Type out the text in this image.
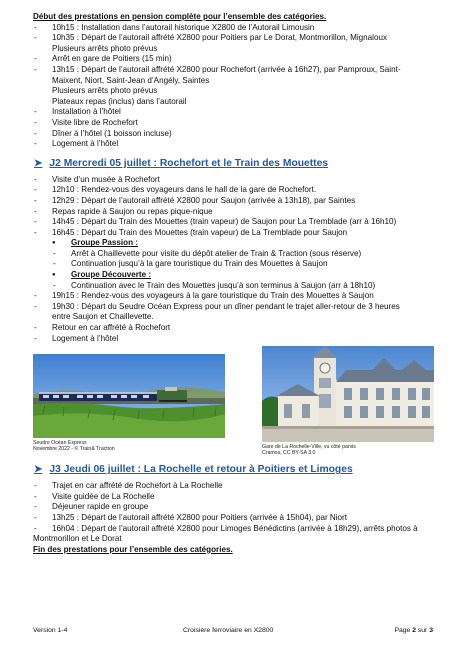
Début des prestations en pension complète pour l’ensemble des catégories.
- 10h15 : Installation dans l’autorail historique X2800 de l’Autorail Limousin
- 10h35 : Départ de l’autorail affrété X2800 pour Poitiers par Le Dorat, Montmorillon, Mignaloux
Plusieurs arrêts photo prévus
- Arrêt en gare de Poitiers (15 min)
- 13h15 : Départ de l’autorail affrété X2800 pour Rochefort (arrivée à 16h27), par Pamproux, Saint-
Maixent, Niort, Saint-Jean d’Angély, Saintes
Plusieurs arrêts photo prévus
Plateaux repas (inclus) dans l’autorail
- Installation à l’hôtel
- Visite libre de Rochefort
- Dîner à l’hôtel (1 boisson incluse)
- Logement à l’hôtel
➤ J2 Mercredi 05 juillet : Rochefort et le Train des Mouettes
- Visite d’un musée à Rochefort
- 12h10 : Rendez-vous des voyageurs dans le hall de la gare de Rochefort.
- 12h29 : Départ de l’autorail affrété X2800 pour Saujon (arrivée à 13h18), par Saintes
- Repas rapide à Saujon ou repas pique-nique
- 14h45 : Départ du Train des Mouettes (train vapeur) de Saujon pour La Tremblade (arr à 16h10)
- 16h45 : Départ du Train des Mouettes (train vapeur) de La Tremblade pour Saujon
● Groupe Passion :
- Arrêt à Chaillevette pour visite du dépôt atelier de Train & Traction (sous réserve)
- Continuation jusqu’à la gare touristique du Train des Mouettes à Saujon
● Groupe Découverte :
- Continuation avec le Train des Mouettes jusqu’à son terminus à Saujon (arr à 18h10)
- 19h15 : Rendez-vous des voyageurs à la gare touristique du Train des Mouettes à Saujon
- 19h30 : Départ du Seudre Océan Express pour un dîner pendant le trajet aller-retour de 3 heures
entre Saujon et Chaillevette.
- Retour en car affrété à Rochefort
- Logement à l’hôtel
Seudre Océan Express
Novembre 2022 - © Train& Traction	Gare de La Rochelle-Ville, vu côté parvis
Cramos, CC BY-SA 3.0
➤ J3 Jeudi 06 juillet : La Rochelle et retour à Poitiers et Limoges
- Trajet en car affrété de Rochefort à La Rochelle
- Visite guidée de La Rochelle
- Déjeuner rapide en groupe
- 13h25 : Départ de l’autorail affrété X2800 pour Poitiers (arrivée à 15h04), par Niort
- 16h04 : Départ de l’autorail affrété X2800 pour Limoges Bénédictins (arrivée à 18h29), arrêts photos à
Montmorillon et Le Dorat
Fin des prestations pour l’ensemble des catégories.
Version 1-4	Croisière ferroviaire en X2800	Page 2 sur 3
